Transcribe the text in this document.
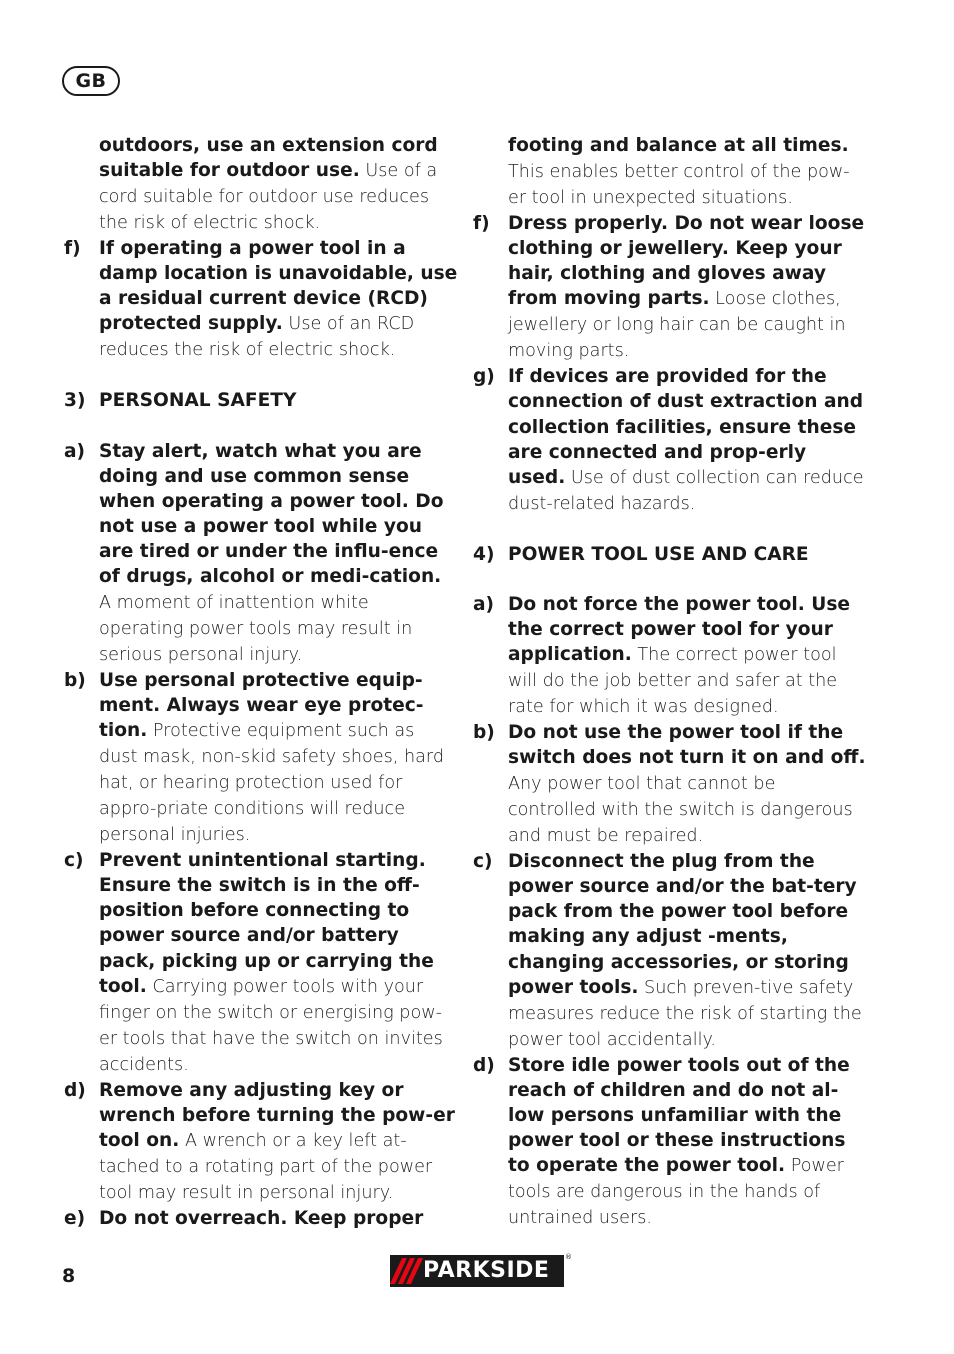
GB
outdoors, use an extension cord suitable for outdoor use. Use of a cord suitable for outdoor use reduces the risk of electric shock.
f) If operating a power tool in a damp location is unavoidable, use a residual current device (RCD) protected supply. Use of an RCD reduces the risk of electric shock.
3) PERSONAL SAFETY
a) Stay alert, watch what you are doing and use common sense when operating a power tool. Do not use a power tool while you are tired or under the influ-ence of drugs, alcohol or medi-cation. A moment of inattention white operating power tools may result in serious personal injury.
b) Use personal protective equip-ment. Always wear eye protec-tion. Protective equipment such as dust mask, non-skid safety shoes, hard hat, or hearing protection used for appro-priate conditions will reduce personal injuries.
c) Prevent unintentional starting. Ensure the switch is in the off-position before connecting to power source and/or battery pack, picking up or carrying the tool. Carrying power tools with your finger on the switch or energising pow-er tools that have the switch on invites accidents.
d) Remove any adjusting key or wrench before turning the pow-er tool on. A wrench or a key left at-tached to a rotating part of the power tool may result in personal injury.
e) Do not overreach. Keep proper
footing and balance at all times. This enables better control of the pow-er tool in unexpected situations.
f) Dress properly. Do not wear loose clothing or jewellery. Keep your hair, clothing and gloves away from moving parts. Loose clothes, jewellery or long hair can be caught in moving parts.
g) If devices are provided for the connection of dust extraction and collection facilities, ensure these are connected and prop-erly used. Use of dust collection can reduce dust-related hazards.
4) POWER TOOL USE AND CARE
a) Do not force the power tool. Use the correct power tool for your application. The correct power tool will do the job better and safer at the rate for which it was designed.
b) Do not use the power tool if the switch does not turn it on and off. Any power tool that cannot be controlled with the switch is dangerous and must be repaired.
c) Disconnect the plug from the power source and/or the bat-tery pack from the power tool before making any adjust -ments, changing accessories, or storing power tools. Such preven-tive safety measures reduce the risk of starting the power tool accidentally.
d) Store idle power tools out of the reach of children and do not al-low persons unfamiliar with the power tool or these instructions to operate the power tool. Power tools are dangerous in the hands of untrained users.
8	PARKSIDE
®
